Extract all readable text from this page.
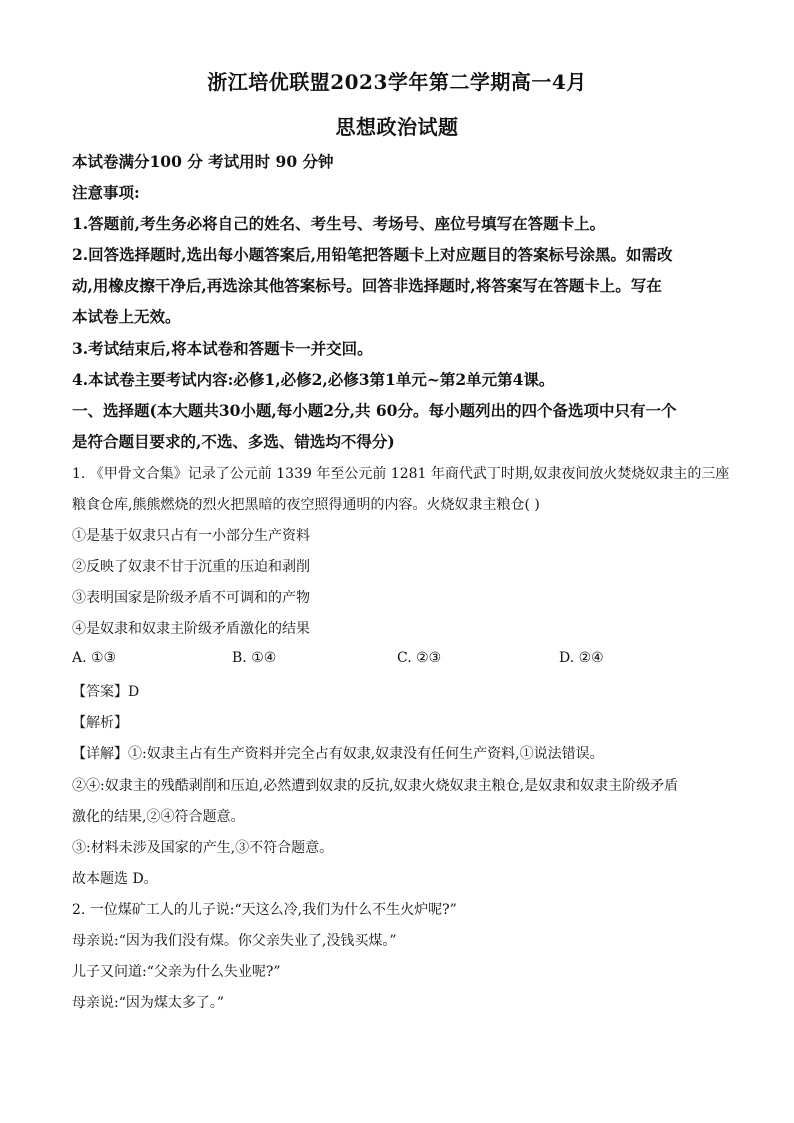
浙江培优联盟2023学年第二学期高一4月
思想政治试题
本试卷满分100 分 考试用时 90 分钟
注意事项:
1.答题前,考生务必将自己的姓名、考生号、考场号、座位号填写在答题卡上。
2.回答选择题时,选出每小题答案后,用铅笔把答题卡上对应题目的答案标号涂黑。如需改
动,用橡皮擦干净后,再选涂其他答案标号。回答非选择题时,将答案写在答题卡上。写在
本试卷上无效。
3.考试结束后,将本试卷和答题卡一并交回。
4.本试卷主要考试内容:必修1,必修2,必修3第1单元~第2单元第4课。
一、选择题(本大题共30小题,每小题2分,共 60分。每小题列出的四个备选项中只有一个
是符合题目要求的,不选、多选、错选均不得分)
1. 《甲骨文合集》记录了公元前 1339 年至公元前 1281 年商代武丁时期,奴隶夜间放火焚烧奴隶主的三座
粮食仓库,熊熊燃烧的烈火把黑暗的夜空照得通明的内容。火烧奴隶主粮仓( )
①是基于奴隶只占有一小部分生产资料
②反映了奴隶不甘于沉重的压迫和剥削
③表明国家是阶级矛盾不可调和的产物
④是奴隶和奴隶主阶级矛盾激化的结果
A. ①③	B. ①④	C. ②③	D. ②④
【答案】D
【解析】
【详解】①:奴隶主占有生产资料并完全占有奴隶,奴隶没有任何生产资料,①说法错误。
②④:奴隶主的残酷剥削和压迫,必然遭到奴隶的反抗,奴隶火烧奴隶主粮仓,是奴隶和奴隶主阶级矛盾
激化的结果,②④符合题意。
③:材料未涉及国家的产生,③不符合题意。
故本题选 D。
2. 一位煤矿工人的儿子说:“天这么冷,我们为什么不生火炉呢?”
母亲说:“因为我们没有煤。你父亲失业了,没钱买煤。”
儿子又问道:“父亲为什么失业呢?”
母亲说:“因为煤太多了。”
